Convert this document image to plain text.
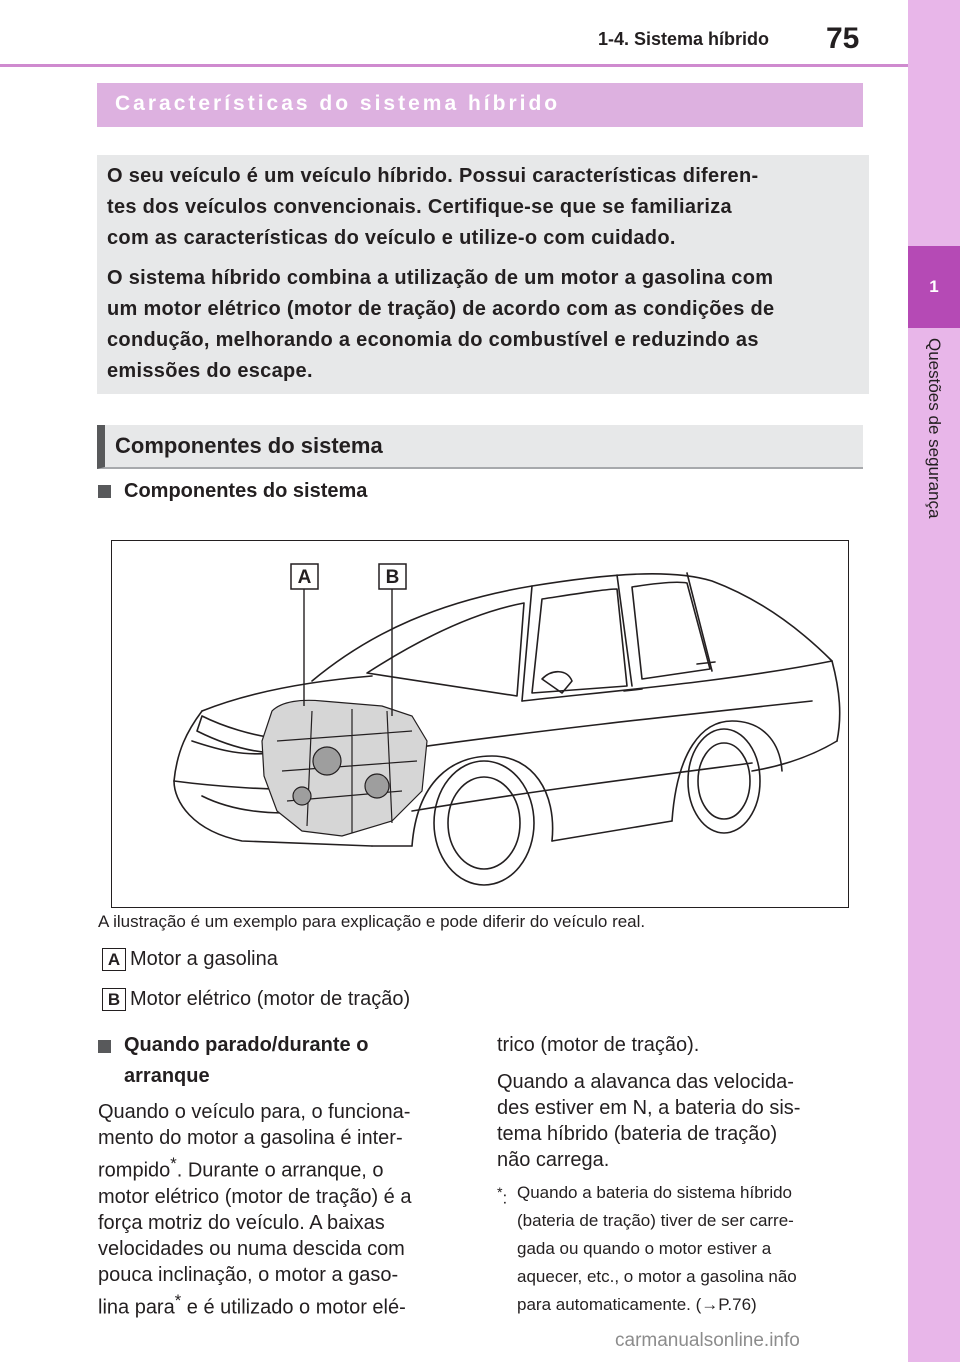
1
Questões de segurança
1-4. Sistema híbrido 75
Características do sistema híbrido

O seu veículo é um veículo híbrido. Possui características diferen-
tes dos veículos convencionais. Certifique-se que se familiariza
com as características do veículo e utilize-o com cuidado.

O sistema híbrido combina a utilização de um motor a gasolina com
um motor elétrico (motor de tração) de acordo com as condições de
condução, melhorando a economia do combustível e reduzindo as
emissões do escape.

Componentes do sistema
Componentes do sistema
A	B
A ilustração é um exemplo para explicação e pode diferir do veículo real.
A Motor a gasolina
B Motor elétrico (motor de tração)
Quando parado/durante o
arranque
Quando o veículo para, o funciona-
mento do motor a gasolina é inter-
rompido*. Durante o arranque, o
motor elétrico (motor de tração) é a
força motriz do veículo. A baixas
velocidades ou numa descida com
pouca inclinação, o motor a gaso-
lina para* e é utilizado o motor elé-
trico (motor de tração).
Quando a alavanca das velocida-
des estiver em N, a bateria do sis-
tema híbrido (bateria de tração)
não carrega.
*: Quando a bateria do sistema híbrido
(bateria de tração) tiver de ser carre-
gada ou quando o motor estiver a
aquecer, etc., o motor a gasolina não
para automaticamente. (→P.76)
carmanualsonline.info
